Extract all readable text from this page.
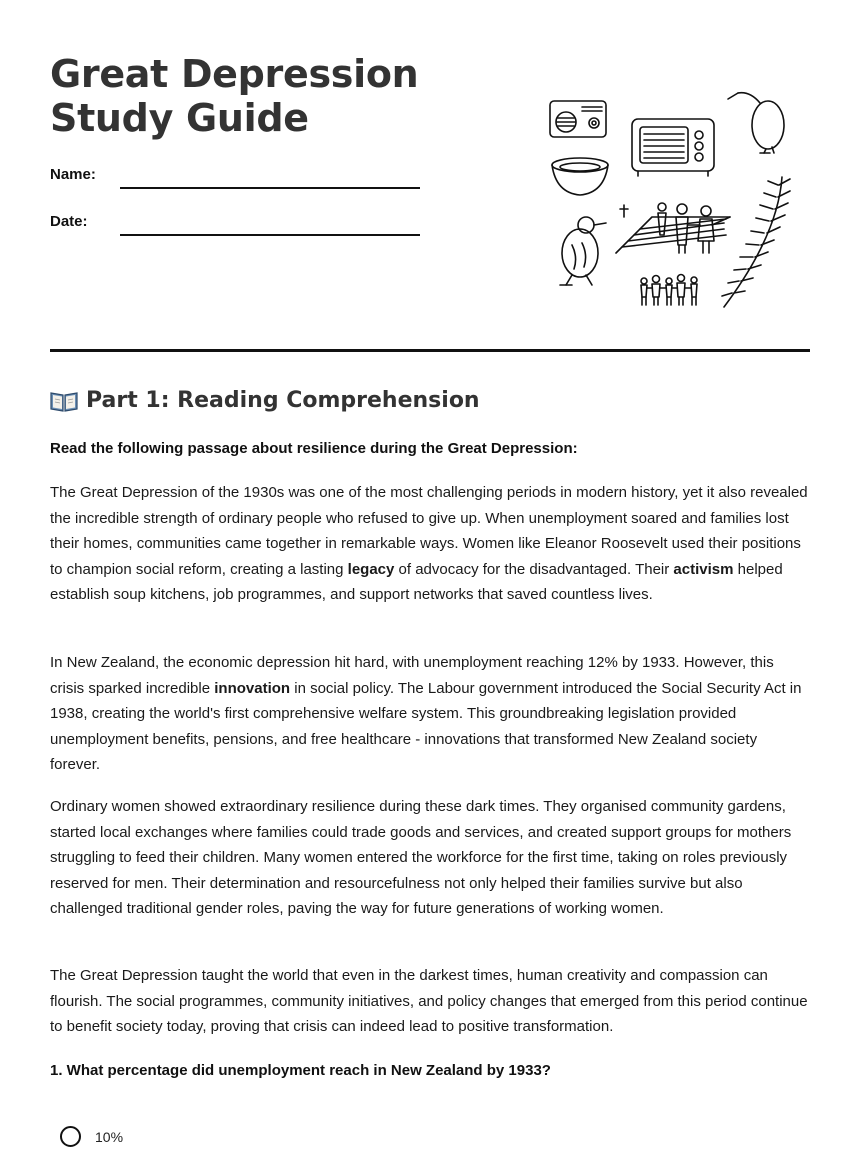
Great Depression Study Guide
Name:
Date:
Part 1: Reading Comprehension
Read the following passage about resilience during the Great Depression:

The Great Depression of the 1930s was one of the most challenging periods in modern history, yet it also revealed the incredible strength of ordinary people who refused to give up. When unemployment soared and families lost their homes, communities came together in remarkable ways. Women like Eleanor Roosevelt used their positions to champion social reform, creating a lasting legacy of advocacy for the disadvantaged. Their activism helped establish soup kitchens, job programmes, and support networks that saved countless lives.

In New Zealand, the economic depression hit hard, with unemployment reaching 12% by 1933. However, this crisis sparked incredible innovation in social policy. The Labour government introduced the Social Security Act in 1938, creating the world's first comprehensive welfare system. This groundbreaking legislation provided unemployment benefits, pensions, and free healthcare - innovations that transformed New Zealand society forever.

Ordinary women showed extraordinary resilience during these dark times. They organised community gardens, started local exchanges where families could trade goods and services, and created support groups for mothers struggling to feed their children. Many women entered the workforce for the first time, taking on roles previously reserved for men. Their determination and resourcefulness not only helped their families survive but also challenged traditional gender roles, paving the way for future generations of working women.

The Great Depression taught the world that even in the darkest times, human creativity and compassion can flourish. The social programmes, community initiatives, and policy changes that emerged from this period continue to benefit society today, proving that crisis can indeed lead to positive transformation.

1. What percentage did unemployment reach in New Zealand by 1933?
10%
